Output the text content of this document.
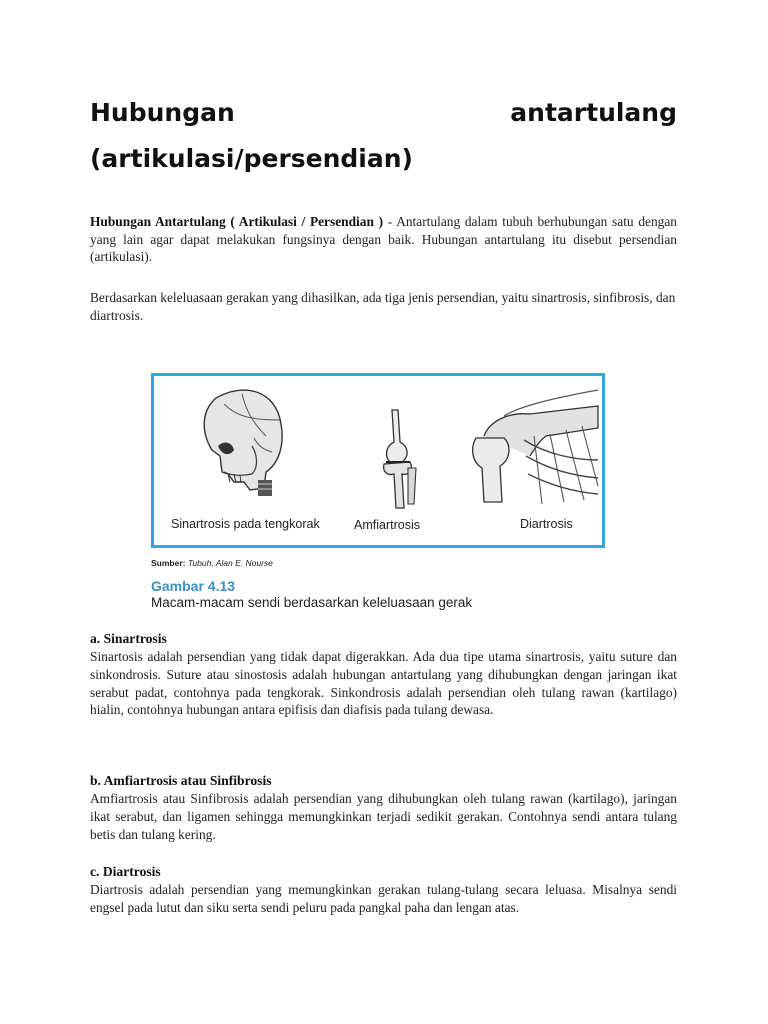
Hubungan	antartulang
(artikulasi/persendian)
Hubungan Antartulang ( Artikulasi / Persendian ) - Antartulang dalam tubuh berhubungan satu dengan yang lain agar dapat melakukan fungsinya dengan baik. Hubungan antartulang itu disebut persendian (artikulasi).
Berdasarkan keleluasaan gerakan yang dihasilkan, ada tiga jenis persendian, yaitu sinartrosis, sinfibrosis, dan diartrosis.
Sinartrosis pada tengkorak	Amfiartrosis	Diartrosis
Sumber: Tubuh, Alan E. Nourse
Gambar 4.13
Macam-macam sendi berdasarkan keleluasaan gerak
a. Sinartrosis

Sinartosis adalah persendian yang tidak dapat digerakkan. Ada dua tipe utama sinartrosis, yaitu suture dan sinkondrosis. Suture atau sinostosis adalah hubungan antartulang yang dihubungkan dengan jaringan ikat serabut padat, contohnya pada tengkorak. Sinkondrosis adalah persendian oleh tulang rawan (kartilago) hialin, contohnya hubungan antara epifisis dan diafisis pada tulang dewasa.

b. Amfiartrosis atau Sinfibrosis

Amfiartrosis atau Sinfibrosis adalah persendian yang dihubungkan oleh tulang rawan (kartilago), jaringan ikat serabut, dan ligamen sehingga memungkinkan terjadi sedikit gerakan. Contohnya sendi antara tulang betis dan tulang kering.

c. Diartrosis

Diartrosis adalah persendian yang memungkinkan gerakan tulang-tulang secara leluasa. Misalnya sendi engsel pada lutut dan siku serta sendi peluru pada pangkal paha dan lengan atas.
